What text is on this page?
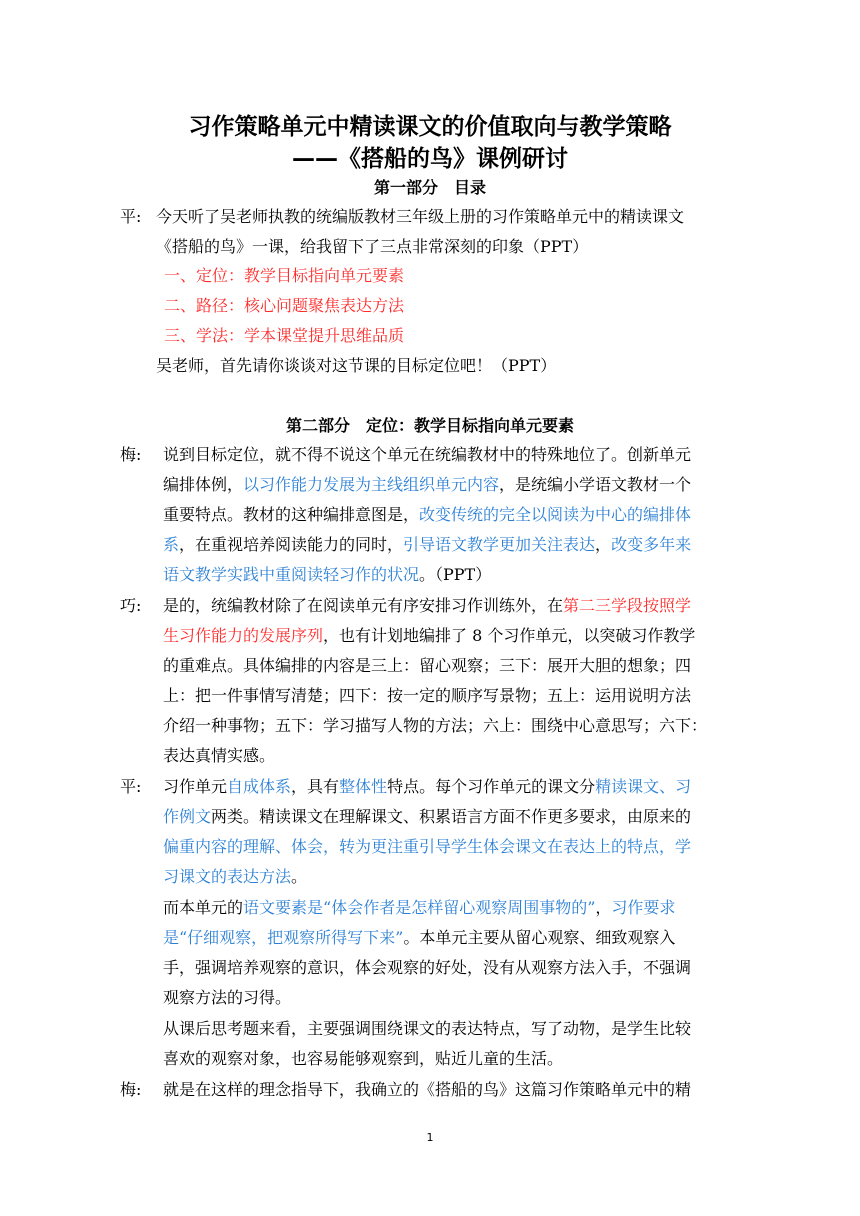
习作策略单元中精读课文的价值取向与教学策略
——《搭船的鸟》课例研讨
第一部分　目录
平: 今天听了吴老师执教的统编版教材三年级上册的习作策略单元中的精读课文
《搭船的鸟》一课，给我留下了三点非常深刻的印象（PPT）
一、定位：教学目标指向单元要素
二、路径：核心问题聚焦表达方法
三、学法：学本课堂提升思维品质
吴老师，首先请你谈谈对这节课的目标定位吧！（PPT）
第二部分　定位：教学目标指向单元要素
梅: 说到目标定位，就不得不说这个单元在统编教材中的特殊地位了。创新单元
编排体例，以习作能力发展为主线组织单元内容，是统编小学语文教材一个
重要特点。教材的这种编排意图是，改变传统的完全以阅读为中心的编排体
系，在重视培养阅读能力的同时，引导语文教学更加关注表达，改变多年来
语文教学实践中重阅读轻习作的状况。（PPT）
巧: 是的，统编教材除了在阅读单元有序安排习作训练外，在第二三学段按照学
生习作能力的发展序列，也有计划地编排了 8 个习作单元，以突破习作教学
的重难点。具体编排的内容是三上：留心观察；三下：展开大胆的想象；四
上：把一件事情写清楚；四下：按一定的顺序写景物；五上：运用说明方法
介绍一种事物；五下：学习描写人物的方法；六上：围绕中心意思写；六下：
表达真情实感。
平: 习作单元自成体系，具有整体性特点。每个习作单元的课文分精读课文、习
作例文两类。精读课文在理解课文、积累语言方面不作更多要求，由原来的
偏重内容的理解、体会，转为更注重引导学生体会课文在表达上的特点，学
习课文的表达方法。
而本单元的语文要素是“体会作者是怎样留心观察周围事物的”，习作要求
是“仔细观察，把观察所得写下来”。本单元主要从留心观察、细致观察入
手，强调培养观察的意识，体会观察的好处，没有从观察方法入手，不强调
观察方法的习得。
从课后思考题来看，主要强调围绕课文的表达特点，写了动物，是学生比较
喜欢的观察对象，也容易能够观察到，贴近儿童的生活。
梅: 就是在这样的理念指导下，我确立的《搭船的鸟》这篇习作策略单元中的精
1
